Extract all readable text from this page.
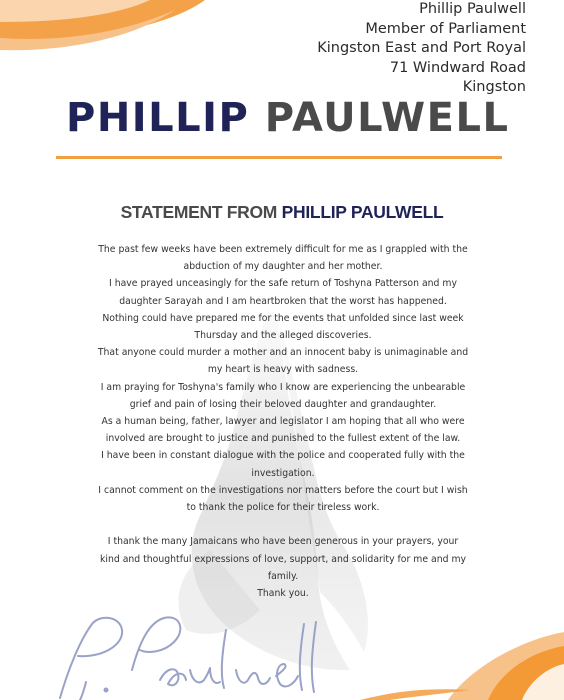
Phillip Paulwell
Member of Parliament
Kingston East and Port Royal
71 Windward Road
Kingston
PHILLIP PAULWELL
STATEMENT FROM PHILLIP PAULWELL

The past few weeks have been extremely difficult for me as I grappled with the

abduction of my daughter and her mother.

I have prayed unceasingly for the safe return of Toshyna Patterson and my

daughter Sarayah and I am heartbroken that the worst has happened.

Nothing could have prepared me for the events that unfolded since last week

Thursday and the alleged discoveries.

That anyone could murder a mother and an innocent baby is unimaginable and

my heart is heavy with sadness.

I am praying for Toshyna's family who I know are experiencing the unbearable

grief and pain of losing their beloved daughter and grandaughter.

As a human being, father, lawyer and legislator I am hoping that all who were

involved are brought to justice and punished to the fullest extent of the law.

I have been in constant dialogue with the police and cooperated fully with the

investigation.

I cannot comment on the investigations nor matters before the court but I wish

to thank the police for their tireless work.

I thank the many Jamaicans who have been generous in your prayers, your

kind and thoughtful expressions of love, support, and solidarity for me and my

family.

Thank you.
